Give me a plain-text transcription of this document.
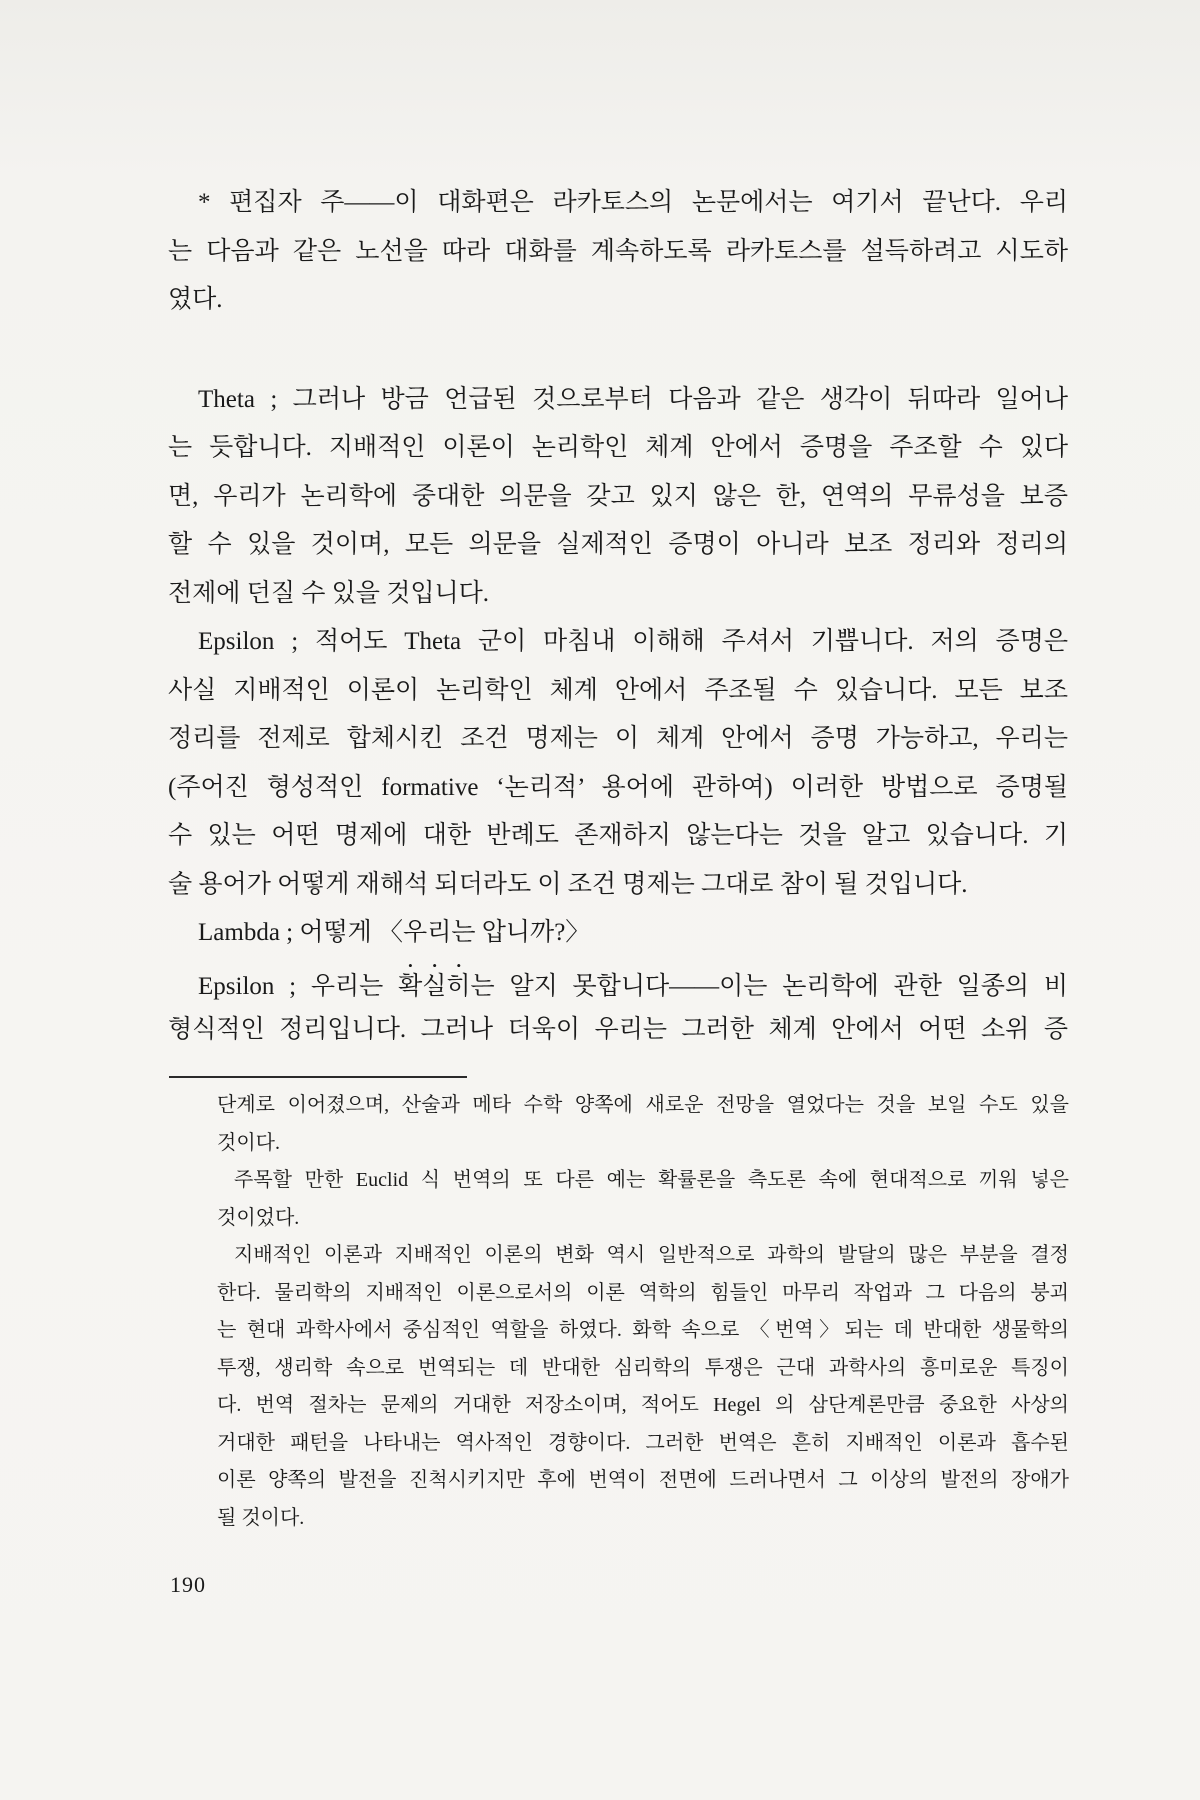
* 편집자 주——이 대화편은 라카토스의 논문에서는 여기서 끝난다. 우리
는 다음과 같은 노선을 따라 대화를 계속하도록 라카토스를 설득하려고 시도하
였다.
Theta ; 그러나 방금 언급된 것으로부터 다음과 같은 생각이 뒤따라 일어나
는 듯합니다. 지배적인 이론이 논리학인 체계 안에서 증명을 주조할 수 있다
면, 우리가 논리학에 중대한 의문을 갖고 있지 않은 한, 연역의 무류성을 보증
할 수 있을 것이며, 모든 의문을 실제적인 증명이 아니라 보조 정리와 정리의
전제에 던질 수 있을 것입니다.
Epsilon ; 적어도 Theta 군이 마침내 이해해 주셔서 기쁩니다. 저의 증명은
사실 지배적인 이론이 논리학인 체계 안에서 주조될 수 있습니다. 모든 보조
정리를 전제로 합체시킨 조건 명제는 이 체계 안에서 증명 가능하고, 우리는
(주어진 형성적인 formative ‘논리적’ 용어에 관하여) 이러한 방법으로 증명될
수 있는 어떤 명제에 대한 반례도 존재하지 않는다는 것을 알고 있습니다. 기
술 용어가 어떻게 재해석 되더라도 이 조건 명제는 그대로 참이 될 것입니다.
Lambda ; 어떻게 〈우리는 압니까?〉
Epsilon ; 우리는 확실히는 알지 못합니다——이는 논리학에 관한 일종의 비
형식적인 정리입니다. 그러나 더욱이 우리는 그러한 체계 안에서 어떤 소위 증
단계로 이어졌으며, 산술과 메타 수학 양쪽에 새로운 전망을 열었다는 것을 보일 수도 있을
것이다.
주목할 만한 Euclid 식 번역의 또 다른 예는 확률론을 측도론 속에 현대적으로 끼워 넣은
것이었다.
지배적인 이론과 지배적인 이론의 변화 역시 일반적으로 과학의 발달의 많은 부분을 결정
한다. 물리학의 지배적인 이론으로서의 이론 역학의 힘들인 마무리 작업과 그 다음의 붕괴
는 현대 과학사에서 중심적인 역할을 하였다. 화학 속으로 〈번역〉되는 데 반대한 생물학의
투쟁, 생리학 속으로 번역되는 데 반대한 심리학의 투쟁은 근대 과학사의 흥미로운 특징이
다. 번역 절차는 문제의 거대한 저장소이며, 적어도 Hegel 의 삼단계론만큼 중요한 사상의
거대한 패턴을 나타내는 역사적인 경향이다. 그러한 번역은 흔히 지배적인 이론과 흡수된
이론 양쪽의 발전을 진척시키지만 후에 번역이 전면에 드러나면서 그 이상의 발전의 장애가
될 것이다.
190
